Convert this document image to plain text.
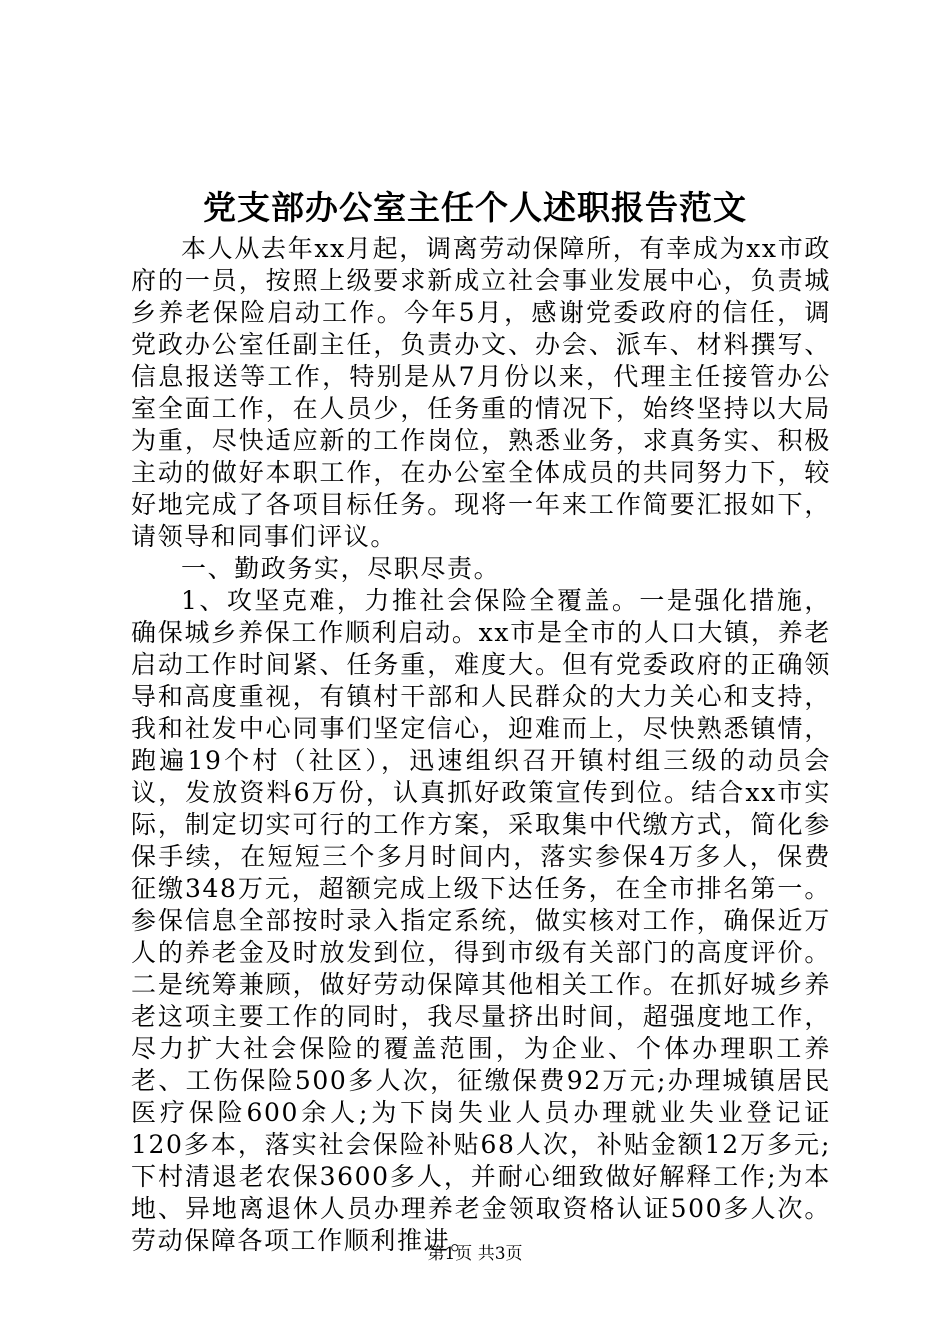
党支部办公室主任个人述职报告范文

本人从去年xx月起，调离劳动保障所，有幸成为xx市政府的一员，按照上级要求新成立社会事业发展中心，负责城乡养老保险启动工作。今年5月，感谢党委政府的信任，调党政办公室任副主任，负责办文、办会、派车、材料撰写、信息报送等工作，特别是从7月份以来，代理主任接管办公室全面工作，在人员少，任务重的情况下，始终坚持以大局为重，尽快适应新的工作岗位，熟悉业务，求真务实、积极主动的做好本职工作，在办公室全体成员的共同努力下，较好地完成了各项目标任务。现将一年来工作简要汇报如下，请领导和同事们评议。

一、勤政务实，尽职尽责。

1、攻坚克难，力推社会保险全覆盖。一是强化措施，确保城乡养保工作顺利启动。xx市是全市的人口大镇，养老启动工作时间紧、任务重，难度大。但有党委政府的正确领导和高度重视，有镇村干部和人民群众的大力关心和支持，我和社发中心同事们坚定信心，迎难而上，尽快熟悉镇情，跑遍19个村（社区），迅速组织召开镇村组三级的动员会议，发放资料6万份，认真抓好政策宣传到位。结合xx市实际，制定切实可行的工作方案，采取集中代缴方式，简化参保手续，在短短三个多月时间内，落实参保4万多人，保费征缴348万元，超额完成上级下达任务，在全市排名第一。参保信息全部按时录入指定系统，做实核对工作，确保近万人的养老金及时放发到位，得到市级有关部门的高度评价。二是统筹兼顾，做好劳动保障其他相关工作。在抓好城乡养老这项主要工作的同时，我尽量挤出时间，超强度地工作，尽力扩大社会保险的覆盖范围，为企业、个体办理职工养老、工伤保险500多人次，征缴保费92万元;办理城镇居民医疗保险600余人;为下岗失业人员办理就业失业登记证120多本，落实社会保险补贴68人次，补贴金额12万多元;下村清退老农保3600多人，并耐心细致做好解释工作;为本地、异地离退休人员办理养老金领取资格认证500多人次。劳动保障各项工作顺利推进。

第1页 共3页
